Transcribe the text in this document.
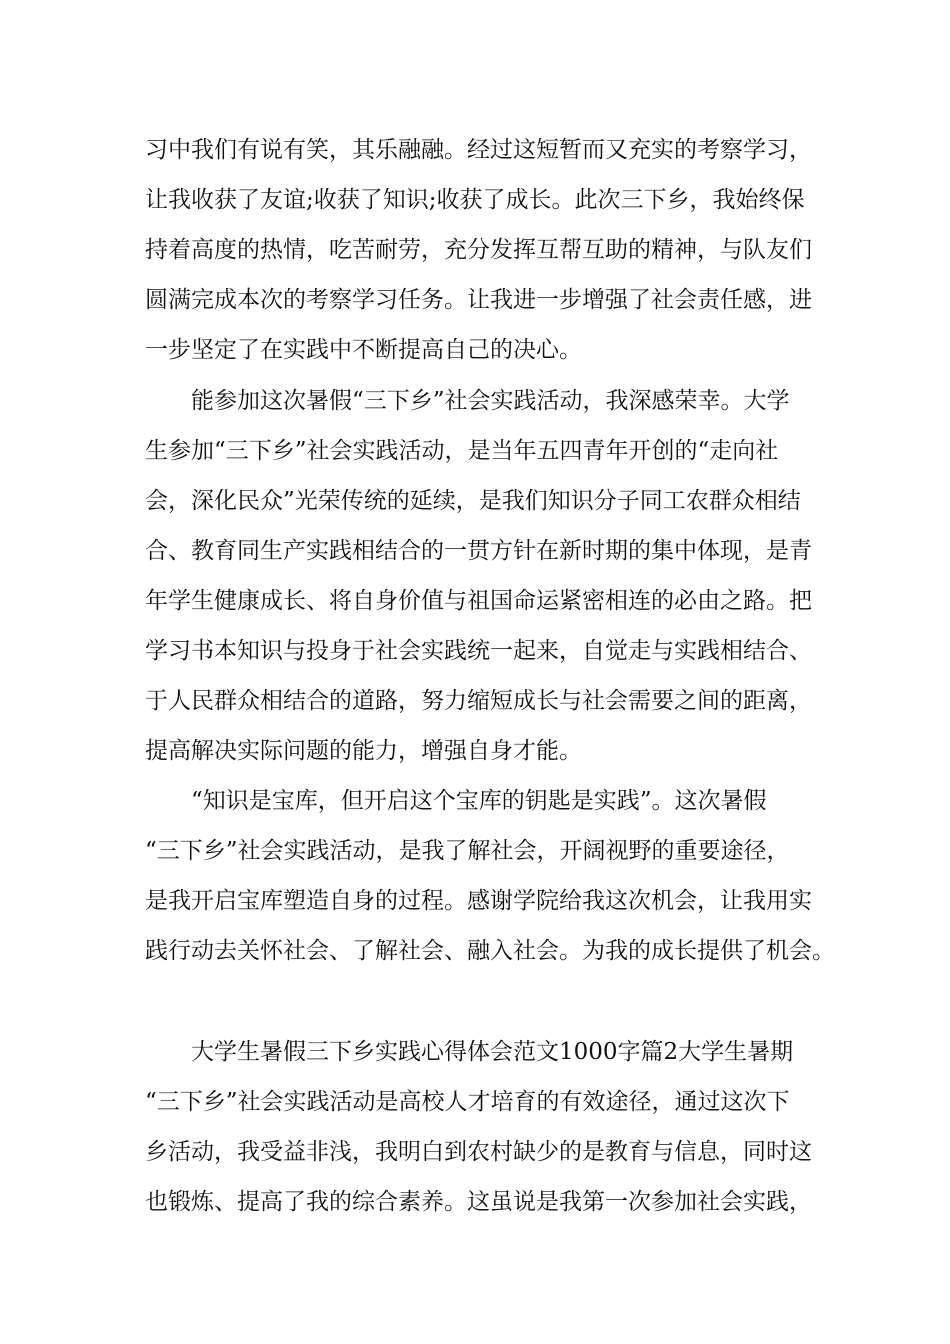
习中我们有说有笑，其乐融融。经过这短暂而又充实的考察学习，

让我收获了友谊;收获了知识;收获了成长。此次三下乡，我始终保

持着高度的热情，吃苦耐劳，充分发挥互帮互助的精神，与队友们

圆满完成本次的考察学习任务。让我进一步增强了社会责任感，进

一步坚定了在实践中不断提高自己的决心。

　　能参加这次暑假“三下乡”社会实践活动，我深感荣幸。大学

生参加“三下乡”社会实践活动，是当年五四青年开创的“走向社

会，深化民众”光荣传统的延续，是我们知识分子同工农群众相结

合、教育同生产实践相结合的一贯方针在新时期的集中体现，是青

年学生健康成长、将自身价值与祖国命运紧密相连的必由之路。把

学习书本知识与投身于社会实践统一起来，自觉走与实践相结合、

于人民群众相结合的道路，努力缩短成长与社会需要之间的距离，

提高解决实际问题的能力，增强自身才能。

　　“知识是宝库，但开启这个宝库的钥匙是实践”。这次暑假

“三下乡”社会实践活动，是我了解社会，开阔视野的重要途径，

是我开启宝库塑造自身的过程。感谢学院给我这次机会，让我用实

践行动去关怀社会、了解社会、融入社会。为我的成长提供了机会。

　　大学生暑假三下乡实践心得体会范文1000字篇2大学生暑期

“三下乡”社会实践活动是高校人才培育的有效途径，通过这次下

乡活动，我受益非浅，我明白到农村缺少的是教育与信息，同时这

也锻炼、提高了我的综合素养。这虽说是我第一次参加社会实践，
